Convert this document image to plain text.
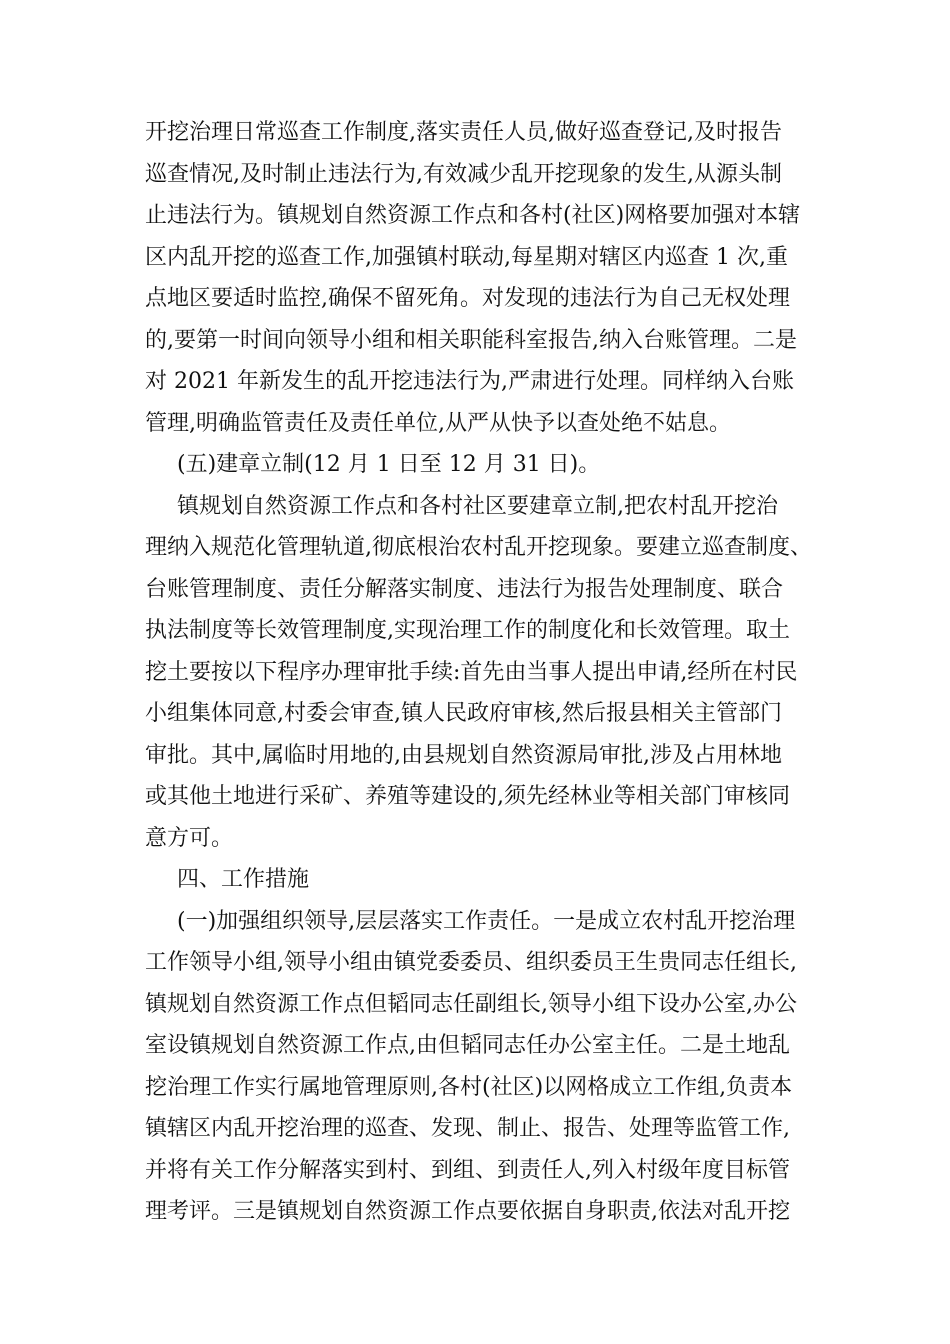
开挖治理日常巡查工作制度,落实责任人员,做好巡查登记,及时报告
巡查情况,及时制止违法行为,有效减少乱开挖现象的发生,从源头制
止违法行为。镇规划自然资源工作点和各村(社区)网格要加强对本辖
区内乱开挖的巡查工作,加强镇村联动,每星期对辖区内巡查 1 次,重
点地区要适时监控,确保不留死角。对发现的违法行为自己无权处理
的,要第一时间向领导小组和相关职能科室报告,纳入台账管理。二是
对 2021 年新发生的乱开挖违法行为,严肃进行处理。同样纳入台账
管理,明确监管责任及责任单位,从严从快予以查处绝不姑息。
(五)建章立制(12 月 1 日至 12 月 31 日)。
镇规划自然资源工作点和各村社区要建章立制,把农村乱开挖治
理纳入规范化管理轨道,彻底根治农村乱开挖现象。要建立巡查制度、
台账管理制度、责任分解落实制度、违法行为报告处理制度、联合
执法制度等长效管理制度,实现治理工作的制度化和长效管理。取土
挖土要按以下程序办理审批手续:首先由当事人提出申请,经所在村民
小组集体同意,村委会审查,镇人民政府审核,然后报县相关主管部门
审批。其中,属临时用地的,由县规划自然资源局审批,涉及占用林地
或其他土地进行采矿、养殖等建设的,须先经林业等相关部门审核同
意方可。
四、工作措施
(一)加强组织领导,层层落实工作责任。一是成立农村乱开挖治理
工作领导小组,领导小组由镇党委委员、组织委员王生贵同志任组长,
镇规划自然资源工作点但韬同志任副组长,领导小组下设办公室,办公
室设镇规划自然资源工作点,由但韬同志任办公室主任。二是土地乱
挖治理工作实行属地管理原则,各村(社区)以网格成立工作组,负责本
镇辖区内乱开挖治理的巡查、发现、制止、报告、处理等监管工作,
并将有关工作分解落实到村、到组、到责任人,列入村级年度目标管
理考评。三是镇规划自然资源工作点要依据自身职责,依法对乱开挖
